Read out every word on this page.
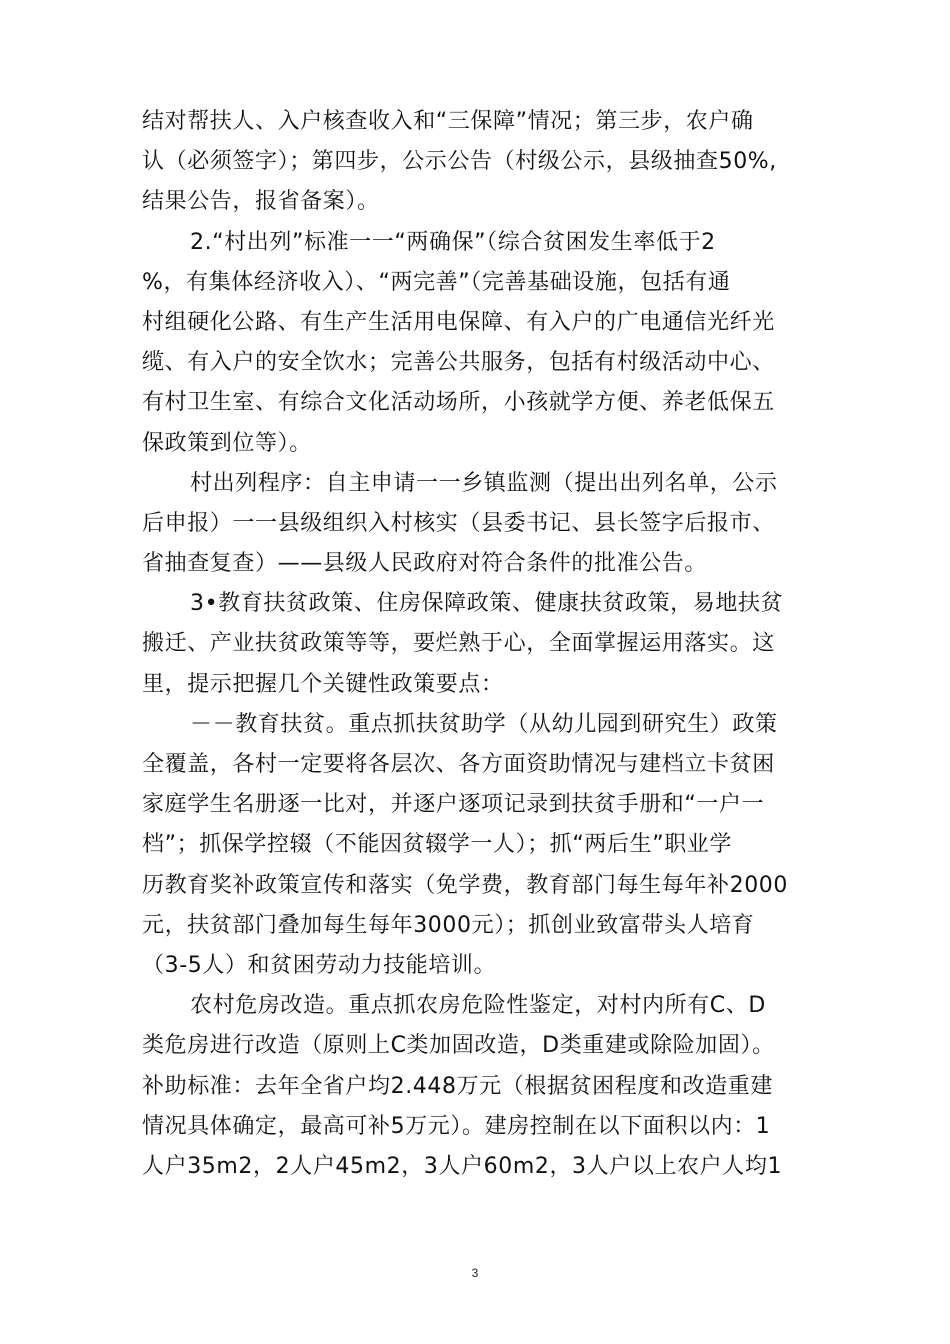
结对帮扶人、入户核查收入和“三保障”情况；第三步，农户确
认（必须签字）；第四步，公示公告（村级公示，县级抽查50%,
结果公告，报省备案）。
2.“村出列”标准一一“两确保”（综合贫困发生率低于2
%，有集体经济收入）、“两完善”（完善基础设施，包括有通
村组硬化公路、有生产生活用电保障、有入户的广电通信光纤光
缆、有入户的安全饮水；完善公共服务，包括有村级活动中心、
有村卫生室、有综合文化活动场所，小孩就学方便、养老低保五
保政策到位等）。
村出列程序：自主申请一一乡镇监测（提出出列名单，公示
后申报）一一县级组织入村核实（县委书记、县长签字后报市、
省抽查复查）——县级人民政府对符合条件的批准公告。
3•教育扶贫政策、住房保障政策、健康扶贫政策，易地扶贫
搬迁、产业扶贫政策等等，要烂熟于心，全面掌握运用落实。这
里，提示把握几个关键性政策要点：
－－教育扶贫。重点抓扶贫助学（从幼儿园到研究生）政策
全覆盖，各村一定要将各层次、各方面资助情况与建档立卡贫困
家庭学生名册逐一比对，并逐户逐项记录到扶贫手册和“一户一
档”；抓保学控辍（不能因贫辍学一人）；抓“两后生”职业学
历教育奖补政策宣传和落实（免学费，教育部门每生每年补2000
元，扶贫部门叠加每生每年3000元）；抓创业致富带头人培育
（3-5人）和贫困劳动力技能培训。
农村危房改造。重点抓农房危险性鉴定，对村内所有C、D
类危房进行改造（原则上C类加固改造，D类重建或除险加固）。
补助标准：去年全省户均2.448万元（根据贫困程度和改造重建
情况具体确定，最高可补5万元）。建房控制在以下面积以内：1
人户35m2，2人户45m2，3人户60m2，3人户以上农户人均1
3
